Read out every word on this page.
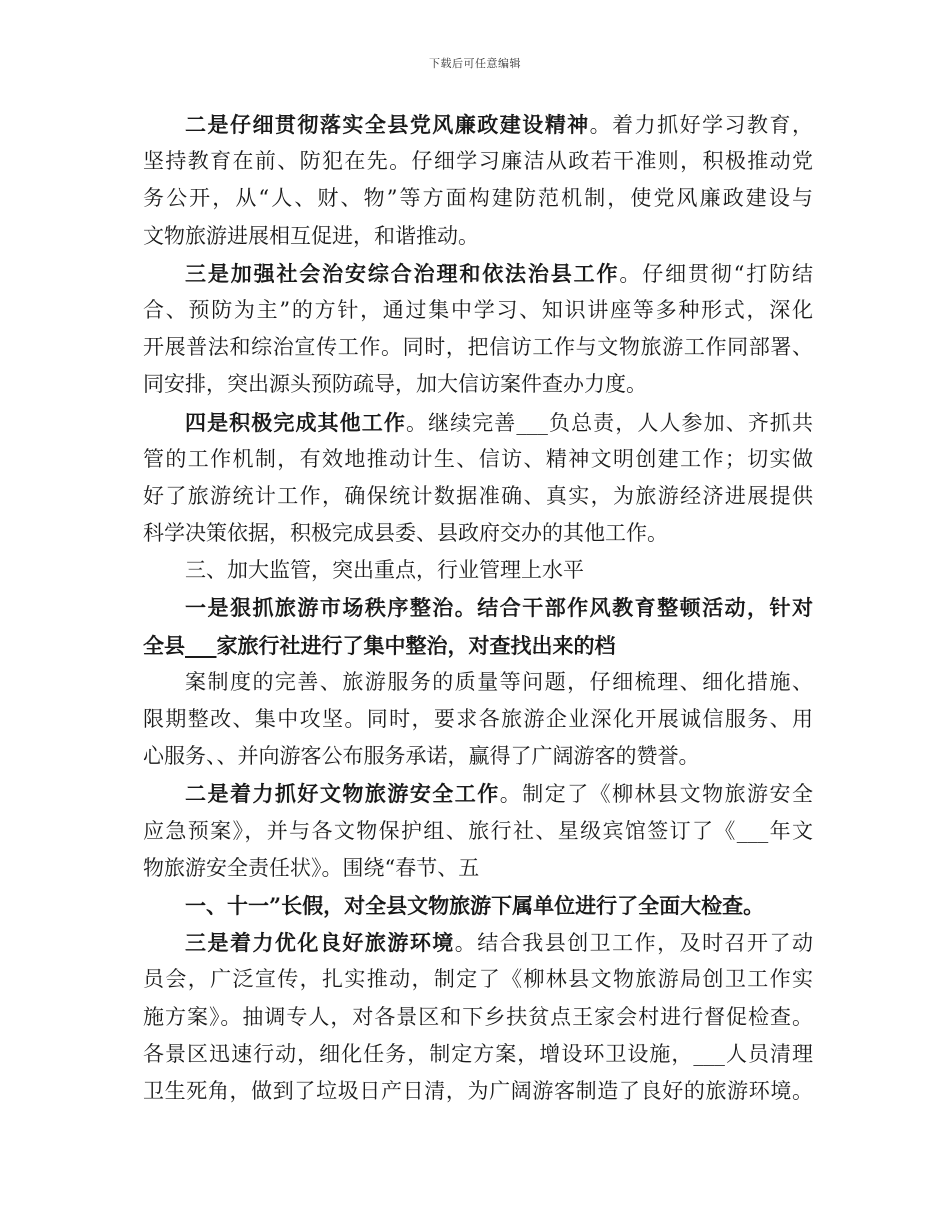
下载后可任意编辑
二是仔细贯彻落实全县党风廉政建设精神。着力抓好学习教育，
坚持教育在前、防犯在先。仔细学习廉洁从政若干准则，积极推动党
务公开，从“人、财、物”等方面构建防范机制，使党风廉政建设与
文物旅游进展相互促进，和谐推动。
三是加强社会治安综合治理和依法治县工作。仔细贯彻“打防结
合、预防为主”的方针，通过集中学习、知识讲座等多种形式，深化
开展普法和综治宣传工作。同时，把信访工作与文物旅游工作同部署、
同安排，突出源头预防疏导，加大信访案件查办力度。
四是积极完成其他工作。继续完善___负总责，人人参加、齐抓共
管的工作机制，有效地推动计生、信访、精神文明创建工作；切实做
好了旅游统计工作，确保统计数据准确、真实，为旅游经济进展提供
科学决策依据，积极完成县委、县政府交办的其他工作。
三、加大监管，突出重点，行业管理上水平
一是狠抓旅游市场秩序整治。结合干部作风教育整顿活动，针对
全县___家旅行社进行了集中整治，对查找出来的档
案制度的完善、旅游服务的质量等问题，仔细梳理、细化措施、
限期整改、集中攻坚。同时，要求各旅游企业深化开展诚信服务、用
心服务、、并向游客公布服务承诺，赢得了广阔游客的赞誉。
二是着力抓好文物旅游安全工作。制定了《柳林县文物旅游安全
应急预案》，并与各文物保护组、旅行社、星级宾馆签订了《___年文
物旅游安全责任状》。围绕“春节、五
一、十一”长假，对全县文物旅游下属单位进行了全面大检查。
三是着力优化良好旅游环境。结合我县创卫工作，及时召开了动
员会，广泛宣传，扎实推动，制定了《柳林县文物旅游局创卫工作实
施方案》。抽调专人，对各景区和下乡扶贫点王家会村进行督促检查。
各景区迅速行动，细化任务，制定方案，增设环卫设施，___人员清理
卫生死角，做到了垃圾日产日清，为广阔游客制造了良好的旅游环境。
